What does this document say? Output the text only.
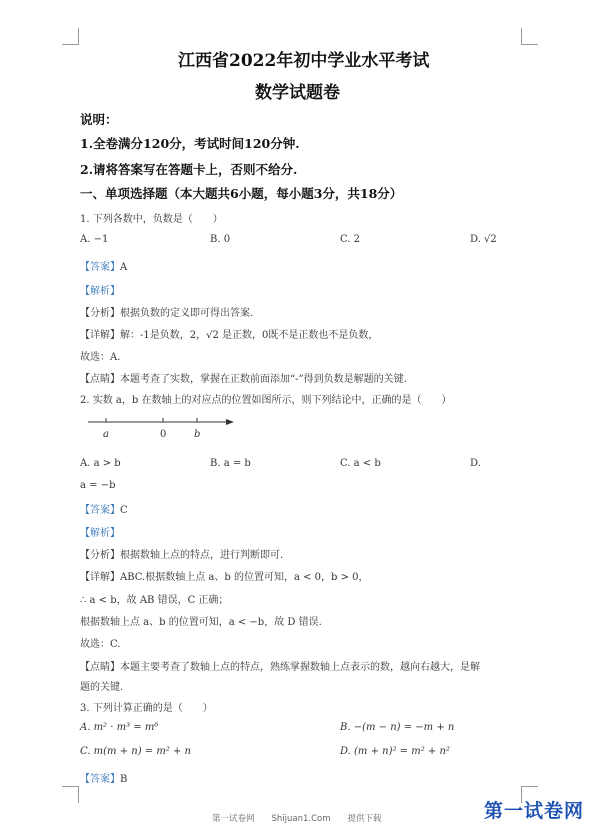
江西省2022年初中学业水平考试
数学试题卷
说明：
1.全卷满分120分，考试时间120分钟.
2.请将答案写在答题卡上，否则不给分.
一、单项选择题（本大题共6小题，每小题3分，共18分）
1. 下列各数中，负数是（　　）
A. −1	B. 0	C. 2	D. √2
【答案】A
【解析】
【分析】根据负数的定义即可得出答案.
【详解】解：-1是负数，2，√2 是正数，0既不是正数也不是负数，
故选：A.
【点睛】本题考查了实数，掌握在正数前面添加“-”得到负数是解题的关键.
2. 实数 a，b 在数轴上的对应点的位置如图所示，则下列结论中，正确的是（　　）
a	0	b
A. a > b	B. a = b	C. a < b	D.
a = −b
【答案】C
【解析】
【分析】根据数轴上点的特点，进行判断即可.
【详解】ABC.根据数轴上点 a、b 的位置可知，a < 0，b > 0，
∴ a < b，故 AB 错误，C 正确；
根据数轴上点 a、b 的位置可知，a < −b，故 D 错误.
故选：C.
【点睛】本题主要考查了数轴上点的特点，熟练掌握数轴上点表示的数，越向右越大，是解
题的关键.
3. 下列计算正确的是（　　）
A. m² · m³ = m⁶	B. −(m − n) = −m + n
C. m(m + n) = m² + n	D. (m + n)² = m² + n²
【答案】B
第一试卷网　　Shijuan1.Com　　提供下载	第一试卷网
